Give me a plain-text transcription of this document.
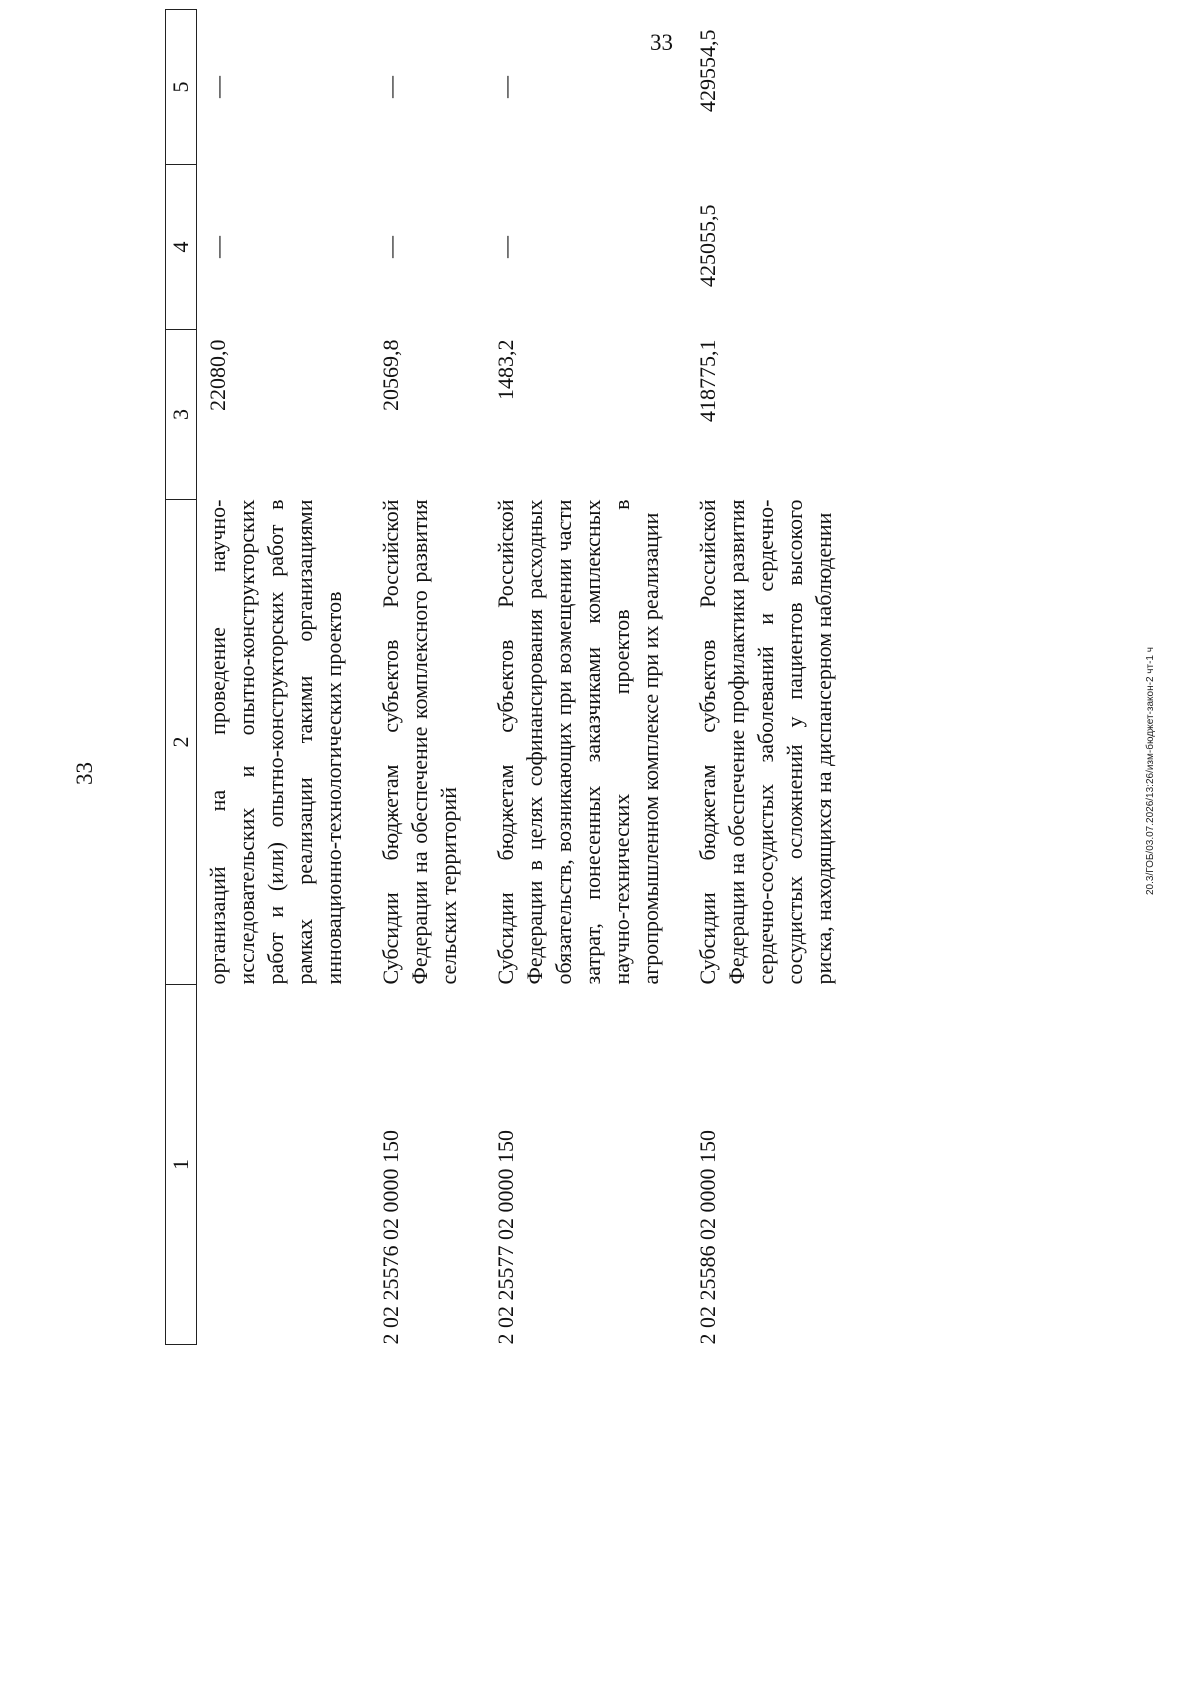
33
20.3/ГОБ/03.07.2026/13:26/изм-бюджет-закон-2 чт-1 ч
33
1	2	3	4	5
	организаций на проведение научно-исследовательских и опытно-конструкторских работ и (или) опытно-конструкторских работ в рамках реализации такими организациями инновационно-технологических проектов	22080,0	—	—
2 02 25576 02 0000 150	Субсидии бюджетам субъектов Российской Федерации на обеспечение комплексного развития сельских территорий	20569,8	—	—
2 02 25577 02 0000 150	Субсидии бюджетам субъектов Российской Федерации в целях софинансирования расходных обязательств, возникающих при возмещении части затрат, понесенных заказчиками комплексных научно-технических проектов в агропромышленном комплексе при их реализации	1483,2	—	—
2 02 25586 02 0000 150	Субсидии бюджетам субъектов Российской Федерации на обеспечение профилактики развития сердечно-сосудистых заболеваний и сердечно-сосудистых осложнений у пациентов высокого риска, находящихся на диспансерном наблюдении	418775,1	425055,5	429554,5
